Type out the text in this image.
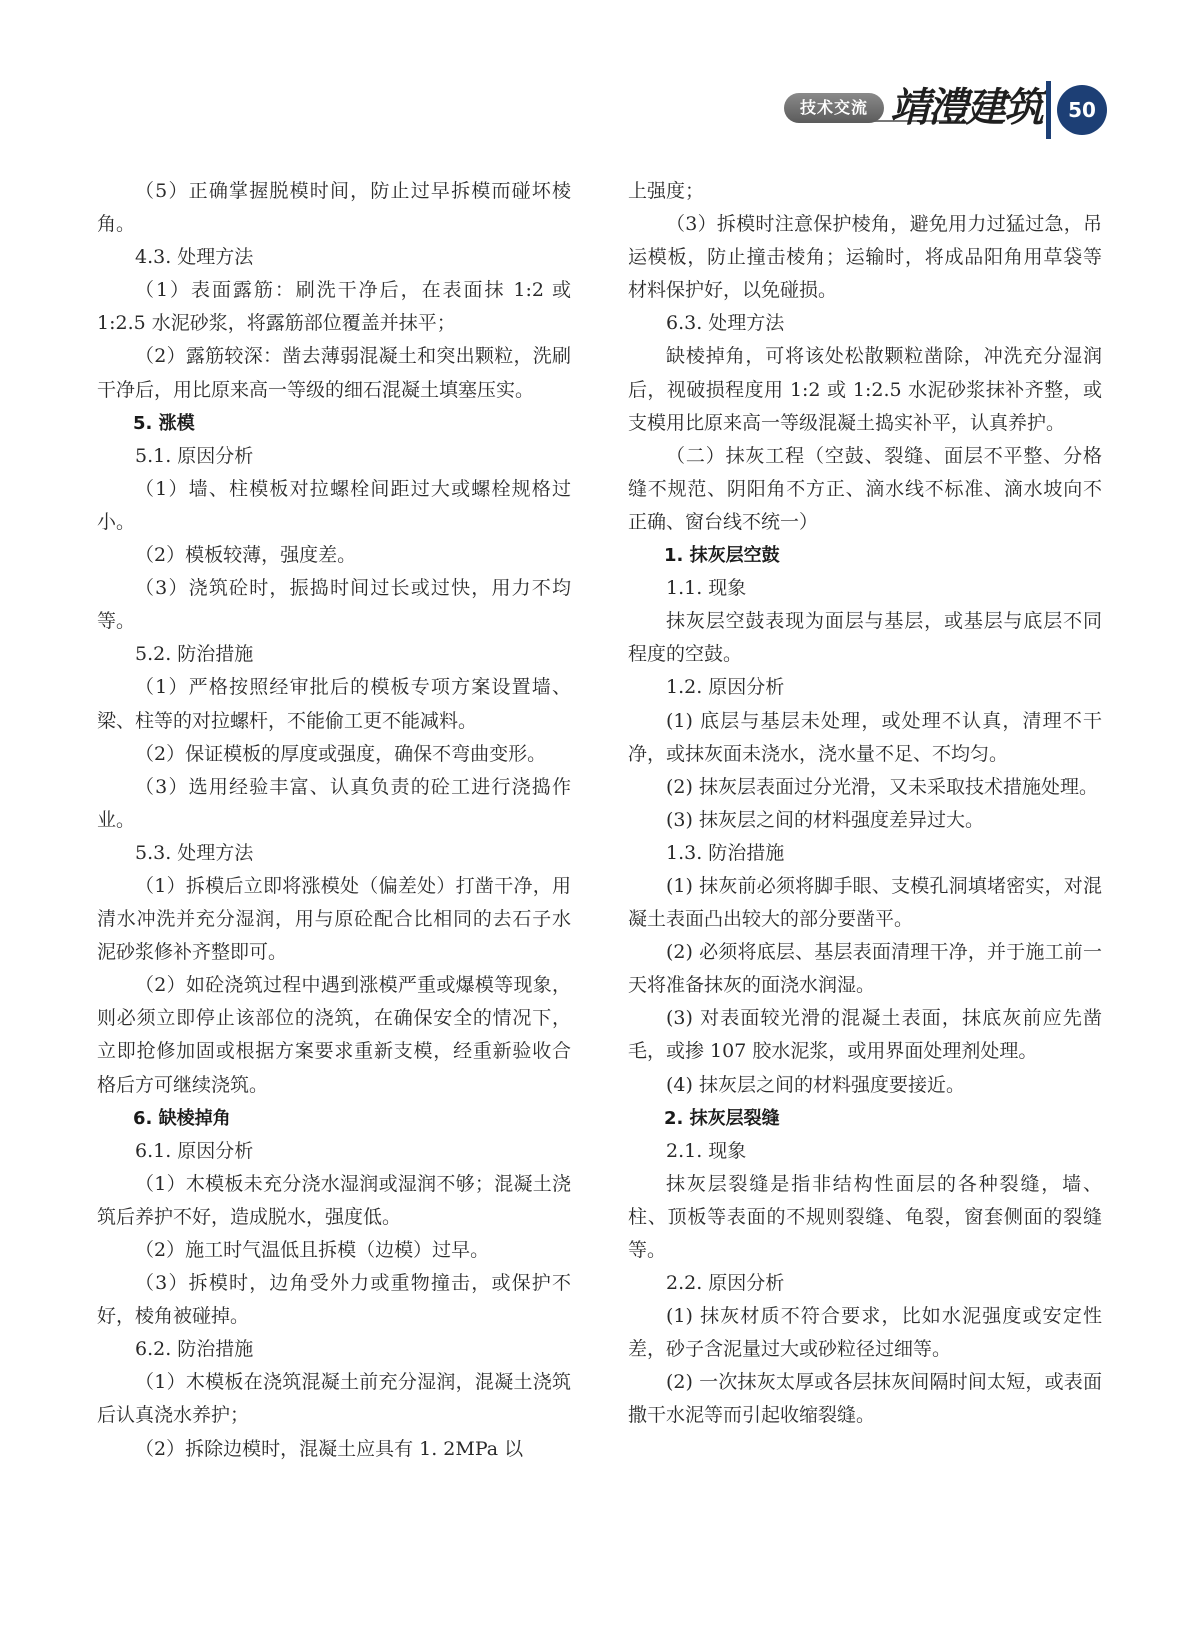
技术交流 靖澧建筑	50

（5）正确掌握脱模时间，防止过早拆模而碰坏棱角。

4.3. 处理方法

（1）表面露筋：刷洗干净后，在表面抹 1:2 或 1:2.5 水泥砂浆，将露筋部位覆盖并抹平；

（2）露筋较深：凿去薄弱混凝土和突出颗粒，洗刷干净后，用比原来高一等级的细石混凝土填塞压实。

5. 涨模

5.1. 原因分析

（1）墙、柱模板对拉螺栓间距过大或螺栓规格过小。

（2）模板较薄，强度差。

（3）浇筑砼时，振捣时间过长或过快，用力不均等。

5.2. 防治措施

（1）严格按照经审批后的模板专项方案设置墙、梁、柱等的对拉螺杆，不能偷工更不能减料。

（2）保证模板的厚度或强度，确保不弯曲变形。

（3）选用经验丰富、认真负责的砼工进行浇捣作业。

5.3. 处理方法

（1）拆模后立即将涨模处（偏差处）打凿干净，用清水冲洗并充分湿润，用与原砼配合比相同的去石子水泥砂浆修补齐整即可。

（2）如砼浇筑过程中遇到涨模严重或爆模等现象，则必须立即停止该部位的浇筑，在确保安全的情况下，立即抢修加固或根据方案要求重新支模，经重新验收合格后方可继续浇筑。

6. 缺棱掉角

6.1. 原因分析

（1）木模板未充分浇水湿润或湿润不够；混凝土浇筑后养护不好，造成脱水，强度低。

（2）施工时气温低且拆模（边模）过早。

（3）拆模时，边角受外力或重物撞击，或保护不好，棱角被碰掉。

6.2. 防治措施

（1）木模板在浇筑混凝土前充分湿润，混凝土浇筑后认真浇水养护；

（2）拆除边模时，混凝土应具有 1. 2MPa 以

上强度；

（3）拆模时注意保护棱角，避免用力过猛过急，吊运模板，防止撞击棱角；运输时，将成品阳角用草袋等材料保护好，以免碰损。

6.3. 处理方法

缺棱掉角，可将该处松散颗粒凿除，冲洗充分湿润后，视破损程度用 1:2 或 1:2.5 水泥砂浆抹补齐整，或支模用比原来高一等级混凝土捣实补平，认真养护。

（二）抹灰工程（空鼓、裂缝、面层不平整、分格缝不规范、阴阳角不方正、滴水线不标准、滴水坡向不正确、窗台线不统一）

1. 抹灰层空鼓

1.1. 现象

抹灰层空鼓表现为面层与基层，或基层与底层不同程度的空鼓。

1.2. 原因分析

(1) 底层与基层未处理，或处理不认真，清理不干净，或抹灰面未浇水，浇水量不足、不均匀。

(2) 抹灰层表面过分光滑，又未采取技术措施处理。

(3) 抹灰层之间的材料强度差异过大。

1.3. 防治措施

(1) 抹灰前必须将脚手眼、支模孔洞填堵密实，对混凝土表面凸出较大的部分要凿平。

(2) 必须将底层、基层表面清理干净，并于施工前一天将准备抹灰的面浇水润湿。

(3) 对表面较光滑的混凝土表面，抹底灰前应先凿毛，或掺 107 胶水泥浆，或用界面处理剂处理。

(4) 抹灰层之间的材料强度要接近。

2. 抹灰层裂缝

2.1. 现象

抹灰层裂缝是指非结构性面层的各种裂缝，墙、柱、顶板等表面的不规则裂缝、龟裂，窗套侧面的裂缝等。

2.2. 原因分析

(1) 抹灰材质不符合要求，比如水泥强度或安定性差，砂子含泥量过大或砂粒径过细等。

(2) 一次抹灰太厚或各层抹灰间隔时间太短，或表面撒干水泥等而引起收缩裂缝。
